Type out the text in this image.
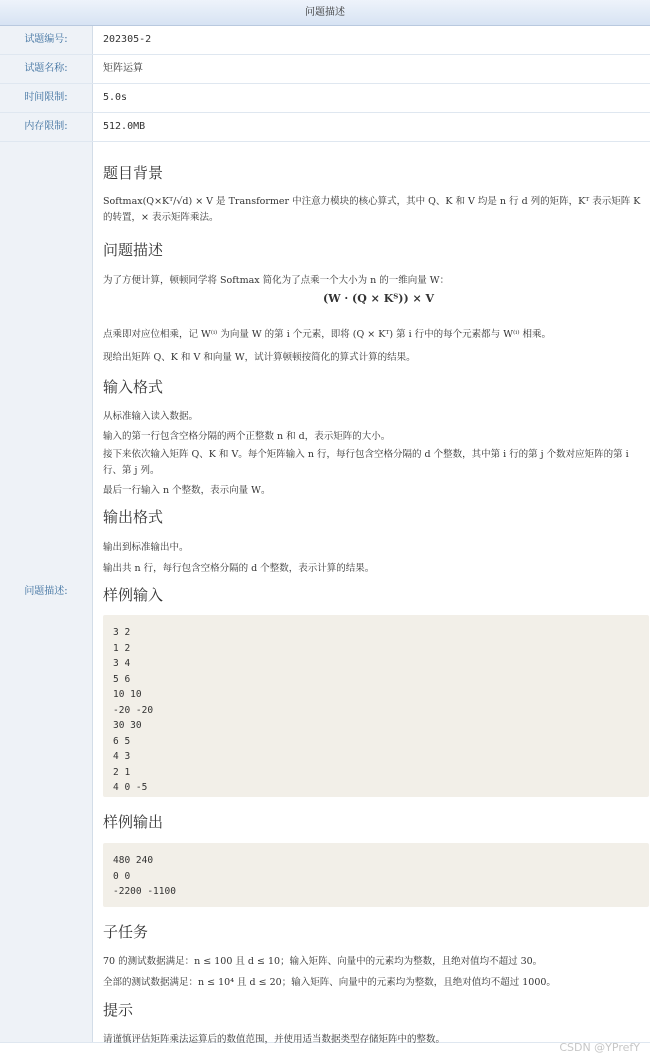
问题描述
试题编号:	202305-2
试题名称:	矩阵运算
时间限制:	5.0s
内存限制:	512.0MB
问题描述:
题目背景
Softmax(Q×Kᵀ/√d) × V 是 Transformer 中注意力模块的核心算式，其中 Q、K 和 V 均是 n 行 d 列的矩阵，Kᵀ 表示矩阵 K 的转置，× 表示矩阵乘法。
问题描述
为了方便计算，顿顿同学将 Softmax 简化为了点乘一个大小为 n 的一维向量 W：
(W · (Q × Kᵀ)) × V
点乘即对应位相乘，记 W⁽ⁱ⁾ 为向量 W 的第 i 个元素，即将 (Q × Kᵀ) 第 i 行中的每个元素都与 W⁽ⁱ⁾ 相乘。
现给出矩阵 Q、K 和 V 和向量 W，试计算顿顿按简化的算式计算的结果。
输入格式
从标准输入读入数据。
输入的第一行包含空格分隔的两个正整数 n 和 d，表示矩阵的大小。
接下来依次输入矩阵 Q、K 和 V。每个矩阵输入 n 行，每行包含空格分隔的 d 个整数，其中第 i 行的第 j 个数对应矩阵的第 i 行、第 j 列。
最后一行输入 n 个整数，表示向量 W。
输出格式
输出到标准输出中。
输出共 n 行，每行包含空格分隔的 d 个整数，表示计算的结果。
样例输入
3 2
1 2
3 4
5 6
10 10
-20 -20
30 30
6 5
4 3
2 1
4 0 -5
样例输出
480 240
0 0
-2200 -1100
子任务
70 的测试数据满足：n ≤ 100 且 d ≤ 10；输入矩阵、向量中的元素均为整数，且绝对值均不超过 30。
全部的测试数据满足：n ≤ 10⁴ 且 d ≤ 20；输入矩阵、向量中的元素均为整数，且绝对值均不超过 1000。
提示
请谨慎评估矩阵乘法运算后的数值范围，并使用适当数据类型存储矩阵中的整数。
CSDN @YPrefY
